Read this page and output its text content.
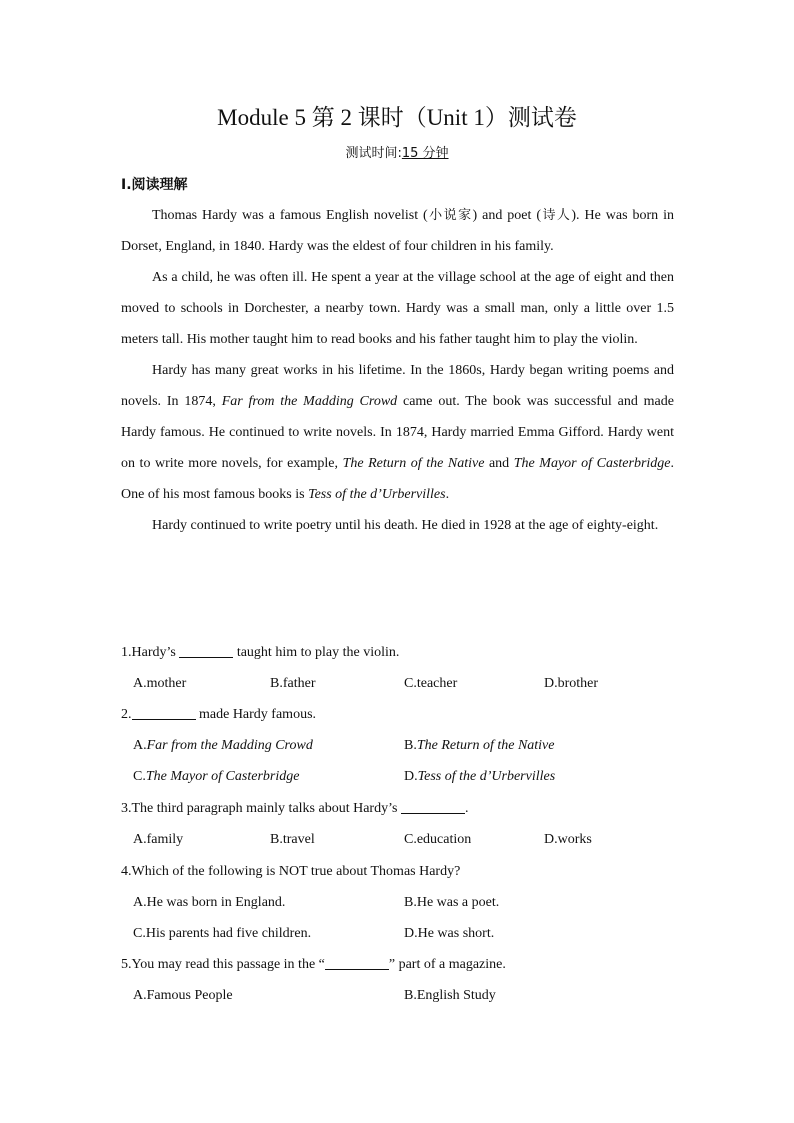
Module 5 第 2 课时（Unit 1）测试卷
测试时间:15 分钟
Ⅰ.阅读理解

Thomas Hardy was a famous English novelist (小说家) and poet (诗人). He was born in Dorset, England, in 1840. Hardy was the eldest of four children in his family.

As a child, he was often ill. He spent a year at the village school at the age of eight and then moved to schools in Dorchester, a nearby town. Hardy was a small man, only a little over 1.5 meters tall. His mother taught him to read books and his father taught him to play the violin.

Hardy has many great works in his lifetime. In the 1860s, Hardy began writing poems and novels. In 1874, Far from the Madding Crowd came out. The book was successful and made Hardy famous. He continued to write novels. In 1874, Hardy married Emma Gifford. Hardy went on to write more novels, for example, The Return of the Native and The Mayor of Casterbridge. One of his most famous books is Tess of the d’Urbervilles.

Hardy continued to write poetry until his death. He died in 1928 at the age of eighty-eight.

1.Hardy’s	taught him to play the violin.
A.mother	B.father	C.teacher	D.brother
2.	made Hardy famous.
A.Far from the Madding Crowd	B.The Return of the Native
C.The Mayor of Casterbridge	D.Tess of the d’Urbervilles
3.The third paragraph mainly talks about Hardy’s	.
A.family	B.travel	C.education	D.works
4.Which of the following is NOT true about Thomas Hardy?
A.He was born in England.	B.He was a poet.
C.His parents had five children.	D.He was short.
5.You may read this passage in the “	” part of a magazine.
A.Famous People	B.English Study
